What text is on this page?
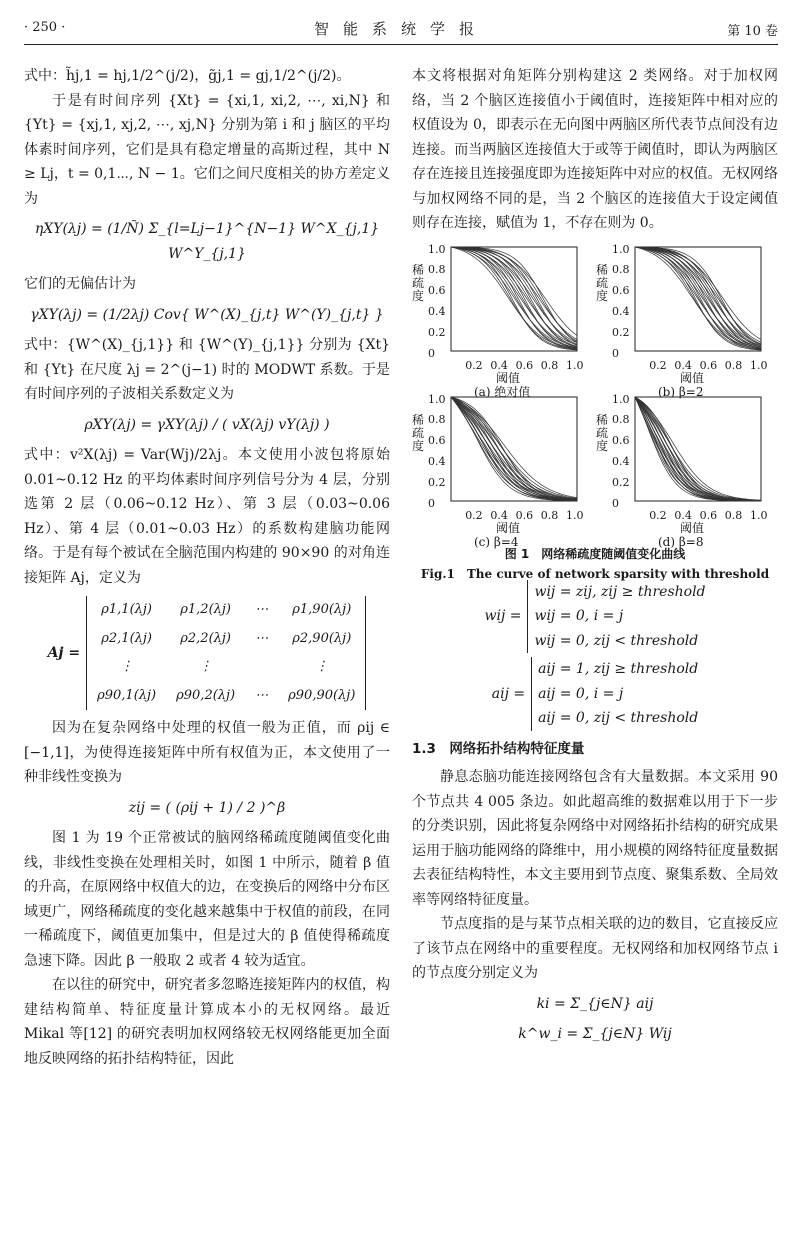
· 250 ·	智能系统学报	第 10 卷

式中：h̃j,1 = hj,1/2^(j/2)，g̃j,1 = gj,1/2^(j/2)。

于是有时间序列 {Xt} = {xi,1, xi,2, ⋯, xi,N} 和 {Yt} = {xj,1, xj,2, ⋯, xj,N} 分别为第 i 和 j 脑区的平均体素时间序列，它们是具有稳定增量的高斯过程，其中 N ≥ Lj，t = 0,1⋯, N − 1。它们之间尺度相关的协方差定义为

ηXY(λj) = (1/Ñ) Σ_{l=Lj−1}^{N−1} W^X_{j,1} W^Y_{j,1}

它们的无偏估计为

γXY(λj) = (1/2λj) Cov{ W^(X)_{j,t} W^(Y)_{j,t} }

式中：{W^(X)_{j,1}} 和 {W^(Y)_{j,1}} 分别为 {Xt} 和 {Yt} 在尺度 λj = 2^(j−1) 时的 MODWT 系数。于是有时间序列的子波相关系数定义为

ρXY(λj) = γXY(λj) / ( vX(λj) vY(λj) )

式中：v²X(λj) = Var(Wj)/2λj。本文使用小波包将原始 0.01~0.12 Hz 的平均体素时间序列信号分为 4 层，分别选第 2 层（0.06~0.12 Hz）、第 3 层（0.03~0.06 Hz）、第 4 层（0.01~0.03 Hz）的系数构建脑功能网络。于是有每个被试在全脑范围内构建的 90×90 的对角连接矩阵 Aj，定义为

Aj =
ρ1,1(λj)	ρ1,2(λj)	⋯	ρ1,90(λj)
ρ2,1(λj)	ρ2,2(λj)	⋯	ρ2,90(λj)
⋮	⋮		⋮
ρ90,1(λj)	ρ90,2(λj)	⋯	ρ90,90(λj)

因为在复杂网络中处理的权值一般为正值，而 ρij ∈ [−1,1]，为使得连接矩阵中所有权值为正，本文使用了一种非线性变换为

zij = ( (ρij + 1) / 2 )^β

图 1 为 19 个正常被试的脑网络稀疏度随阈值变化曲线，非线性变换在处理相关时，如图 1 中所示，随着 β 值的升高，在原网络中权值大的边，在变换后的网络中分布区域更广，网络稀疏度的变化越来越集中于权值的前段，在同一稀疏度下，阈值更加集中，但是过大的 β 值使得稀疏度急速下降。因此 β 一般取 2 或者 4 较为适宜。

在以往的研究中，研究者多忽略连接矩阵内的权值，构建结构简单、特征度量计算成本小的无权网络。最近 Mikal 等[12] 的研究表明加权网络较无权网络能更加全面地反映网络的拓扑结构特征，因此

本文将根据对角矩阵分别构建这 2 类网络。对于加权网络，当 2 个脑区连接值小于阈值时，连接矩阵中相对应的权值设为 0，即表示在无向图中两脑区所代表节点间没有边连接。而当两脑区连接值大于或等于阈值时，即认为两脑区存在连接且连接强度即为连接矩阵中对应的权值。无权网络与加权网络不同的是，当 2 个脑区的连接值大于设定阈值则存在连接，赋值为 1，不存在则为 0。

稀疏度
1.0
0.8
0.6
0.4
0.2
0
0.2 0.4 0.6 0.8 1.0
阈值
(a) 绝对值
稀疏度
1.0
0.8
0.6
0.4
0.2
0
0.2 0.4 0.6 0.8 1.0
阈值
(b) β=2
稀疏度
1.0
0.8
0.6
0.4
0.2
0
0.2 0.4 0.6 0.8 1.0
阈值
(c) β=4
稀疏度
1.0
0.8
0.6
0.4
0.2
0
0.2 0.4 0.6 0.8 1.0
阈值
(d) β=8
图 1　网络稀疏度随阈值变化曲线
Fig.1　The curve of network sparsity with threshold
wij =
wij = zij, zij ≥ threshold
wij = 0, i = j
wij = 0, zij < threshold
aij =
aij = 1, zij ≥ threshold
aij = 0, i = j
aij = 0, zij < threshold
1.3　网络拓扑结构特征度量

静息态脑功能连接网络包含有大量数据。本文采用 90 个节点共 4 005 条边。如此超高维的数据难以用于下一步的分类识别，因此将复杂网络中对网络拓扑结构的研究成果运用于脑功能网络的降维中，用小规模的网络特征度量数据去表征结构特性，本文主要用到节点度、聚集系数、全局效率等网络特征度量。

节点度指的是与某节点相关联的边的数目，它直接反应了该节点在网络中的重要程度。无权网络和加权网络节点 i 的节点度分别定义为

ki = Σ_{j∈N} aij
k^w_i = Σ_{j∈N} Wij
